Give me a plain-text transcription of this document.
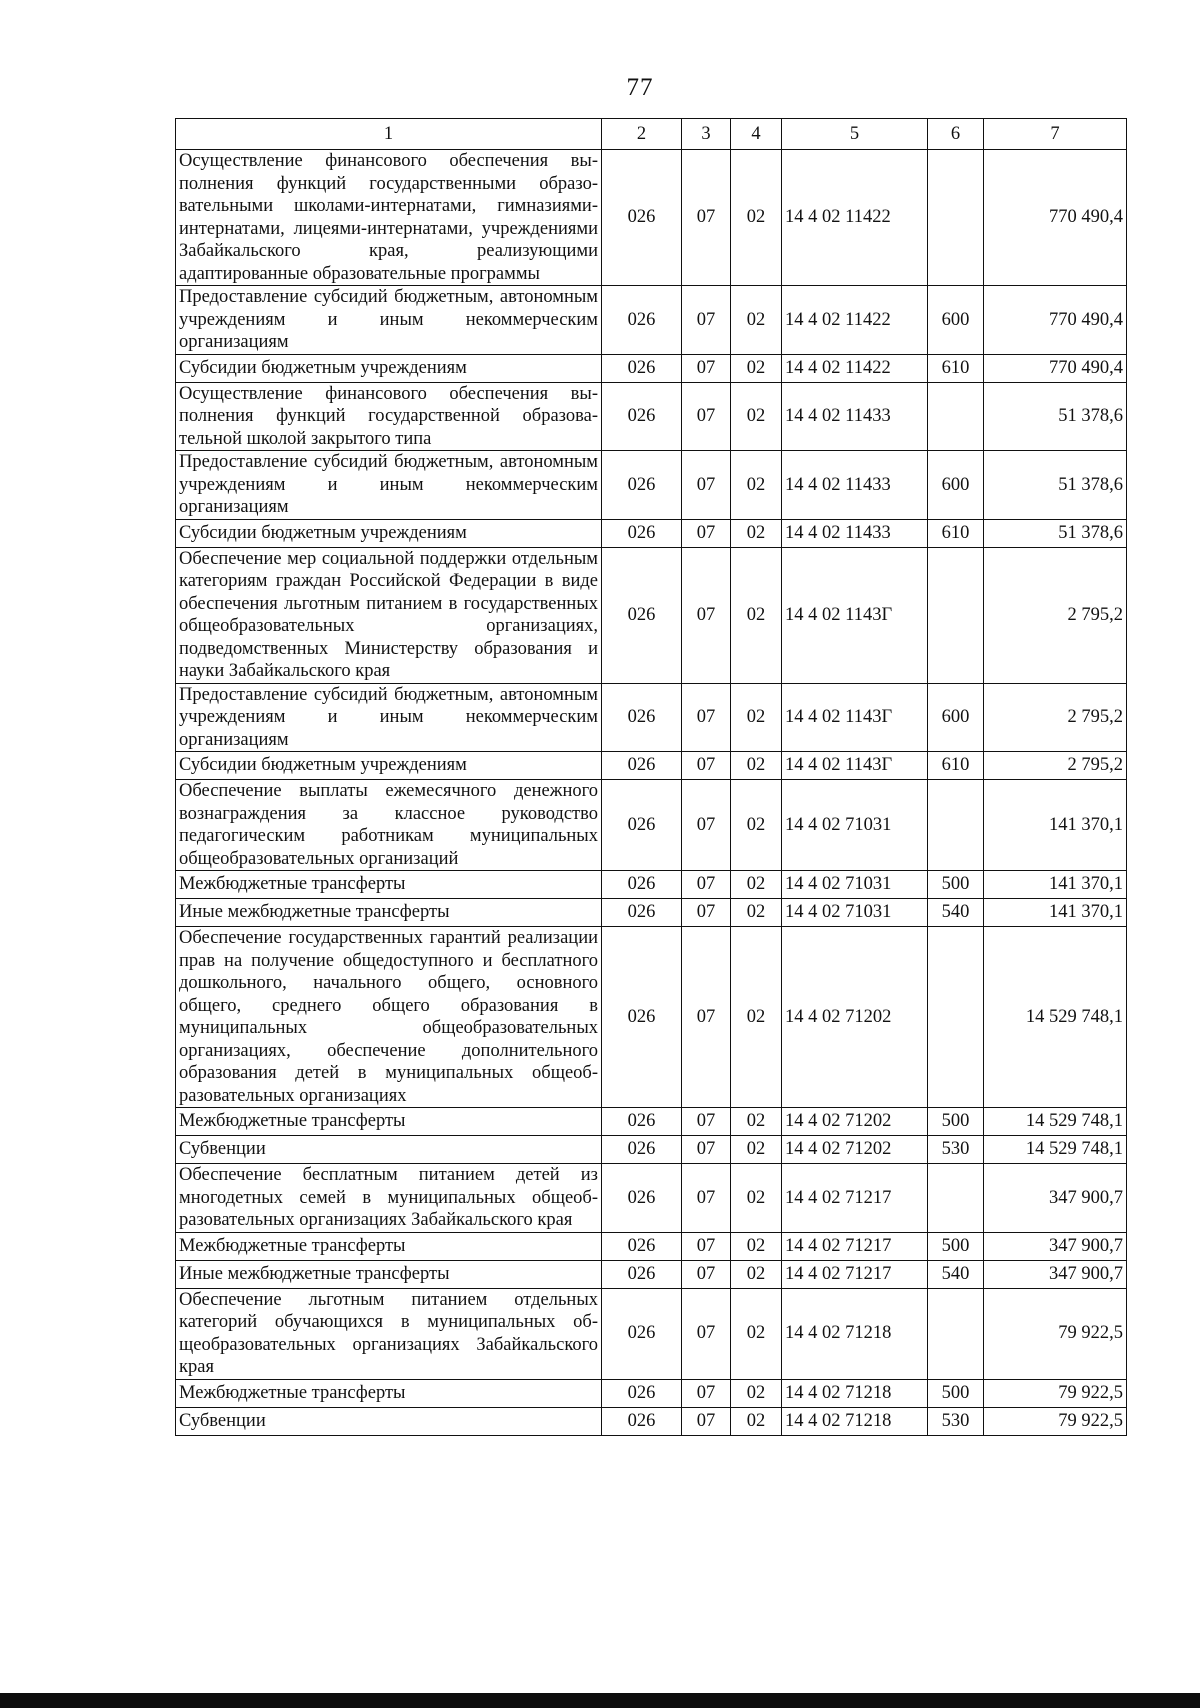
77
1	2	3	4	5	6	7
Осуществление финансового обеспечения выполнения функций государственными образовательными школами-интернатами, гимназиями-интернатами, лицеями-интернатами, учреждениями Забайкальского края, реализующими адаптированные образовательные программы	026	07	02	14 4 02 11422		770 490,4
Предоставление субсидий бюджетным, автономным учреждениям и иным некоммерческим организациям	026	07	02	14 4 02 11422	600	770 490,4
Субсидии бюджетным учреждениям	026	07	02	14 4 02 11422	610	770 490,4
Осуществление финансового обеспечения выполнения функций государственной образовательной школой закрытого типа	026	07	02	14 4 02 11433		51 378,6
Предоставление субсидий бюджетным, автономным учреждениям и иным некоммерческим организациям	026	07	02	14 4 02 11433	600	51 378,6
Субсидии бюджетным учреждениям	026	07	02	14 4 02 11433	610	51 378,6
Обеспечение мер социальной поддержки отдельным категориям граждан Российской Федерации в виде обеспечения льготным питанием в государственных общеобразовательных организациях, подведомственных Министерству образования и науки Забайкальского края	026	07	02	14 4 02 1143Г		2 795,2
Предоставление субсидий бюджетным, автономным учреждениям и иным некоммерческим организациям	026	07	02	14 4 02 1143Г	600	2 795,2
Субсидии бюджетным учреждениям	026	07	02	14 4 02 1143Г	610	2 795,2
Обеспечение выплаты ежемесячного денежного вознаграждения за классное руководство педагогическим работникам муниципальных общеобразовательных организаций	026	07	02	14 4 02 71031		141 370,1
Межбюджетные трансферты	026	07	02	14 4 02 71031	500	141 370,1
Иные межбюджетные трансферты	026	07	02	14 4 02 71031	540	141 370,1
Обеспечение государственных гарантий реализации прав на получение общедоступного и бесплатного дошкольного, начального общего, основного общего, среднего общего образования в муниципальных общеобразовательных организациях, обеспечение дополнительного образования детей в муниципальных общеобразовательных организациях	026	07	02	14 4 02 71202		14 529 748,1
Межбюджетные трансферты	026	07	02	14 4 02 71202	500	14 529 748,1
Субвенции	026	07	02	14 4 02 71202	530	14 529 748,1
Обеспечение бесплатным питанием детей из многодетных семей в муниципальных общеобразовательных организациях Забайкальского края	026	07	02	14 4 02 71217		347 900,7
Межбюджетные трансферты	026	07	02	14 4 02 71217	500	347 900,7
Иные межбюджетные трансферты	026	07	02	14 4 02 71217	540	347 900,7
Обеспечение льготным питанием отдельных категорий обучающихся в муниципальных общеобразовательных организациях Забайкальского края	026	07	02	14 4 02 71218		79 922,5
Межбюджетные трансферты	026	07	02	14 4 02 71218	500	79 922,5
Субвенции	026	07	02	14 4 02 71218	530	79 922,5
